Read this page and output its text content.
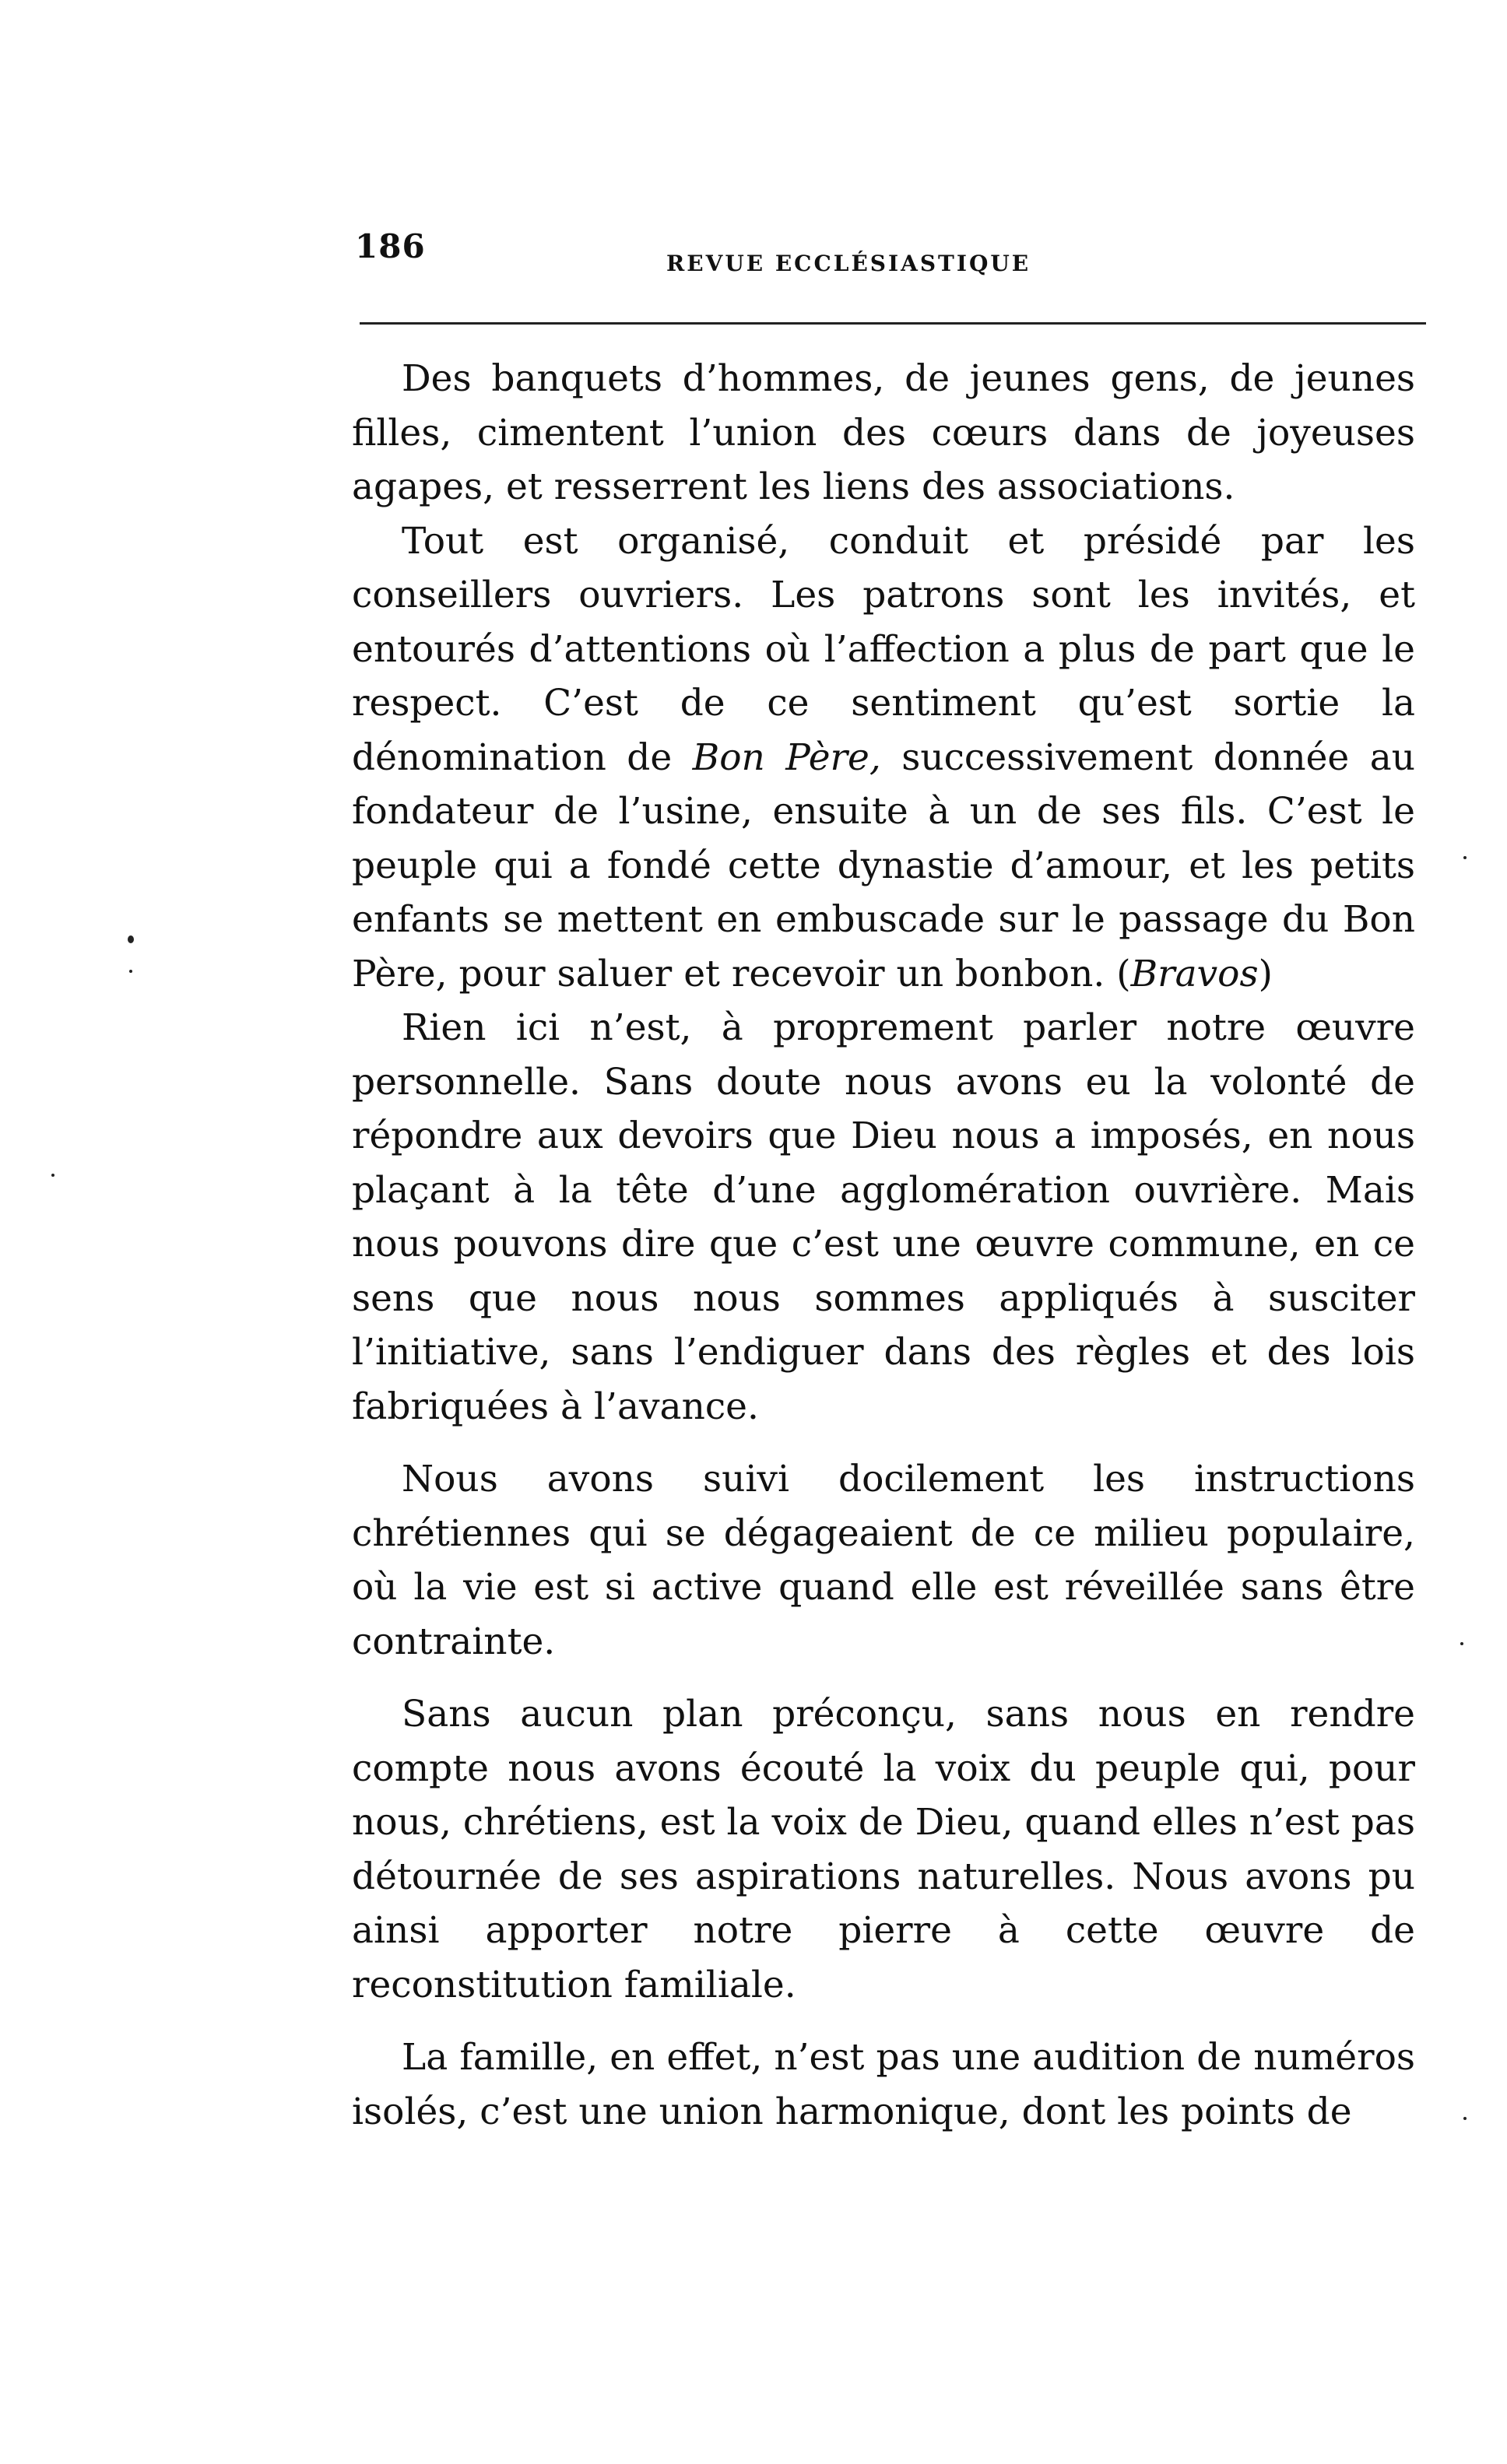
186	REVUE ECCLÉSIASTIQUE

Des banquets d’hommes, de jeunes gens, de jeunes filles, cimentent l’union des cœurs dans de joyeuses agapes, et resserrent les liens des associations.

Tout est organisé, conduit et présidé par les conseillers ouvriers. Les patrons sont les invités, et entourés d’attentions où l’affection a plus de part que le respect. C’est de ce sentiment qu’est sortie la dénomination de Bon Père, successivement donnée au fondateur de l’usine, ensuite à un de ses fils. C’est le peuple qui a fondé cette dynastie d’amour, et les petits enfants se mettent en embuscade sur le passage du Bon Père, pour saluer et recevoir un bonbon. (Bravos)

Rien ici n’est, à proprement parler notre œuvre personnelle. Sans doute nous avons eu la volonté de répondre aux devoirs que Dieu nous a imposés, en nous plaçant à la tête d’une agglomération ouvrière. Mais nous pouvons dire que c’est une œuvre commune, en ce sens que nous nous sommes appliqués à susciter l’initiative, sans l’endiguer dans des règles et des lois fabriquées à l’avance.

Nous avons suivi docilement les instructions chrétiennes qui se dégageaient de ce milieu populaire, où la vie est si active quand elle est réveillée sans être contrainte.

Sans aucun plan préconçu, sans nous en rendre compte nous avons écouté la voix du peuple qui, pour nous, chrétiens, est la voix de Dieu, quand elles n’est pas détournée de ses aspirations naturelles. Nous avons pu ainsi apporter notre pierre à cette œuvre de reconstitution familiale.

La famille, en effet, n’est pas une audition de numéros isolés, c’est une union harmonique, dont les points de
